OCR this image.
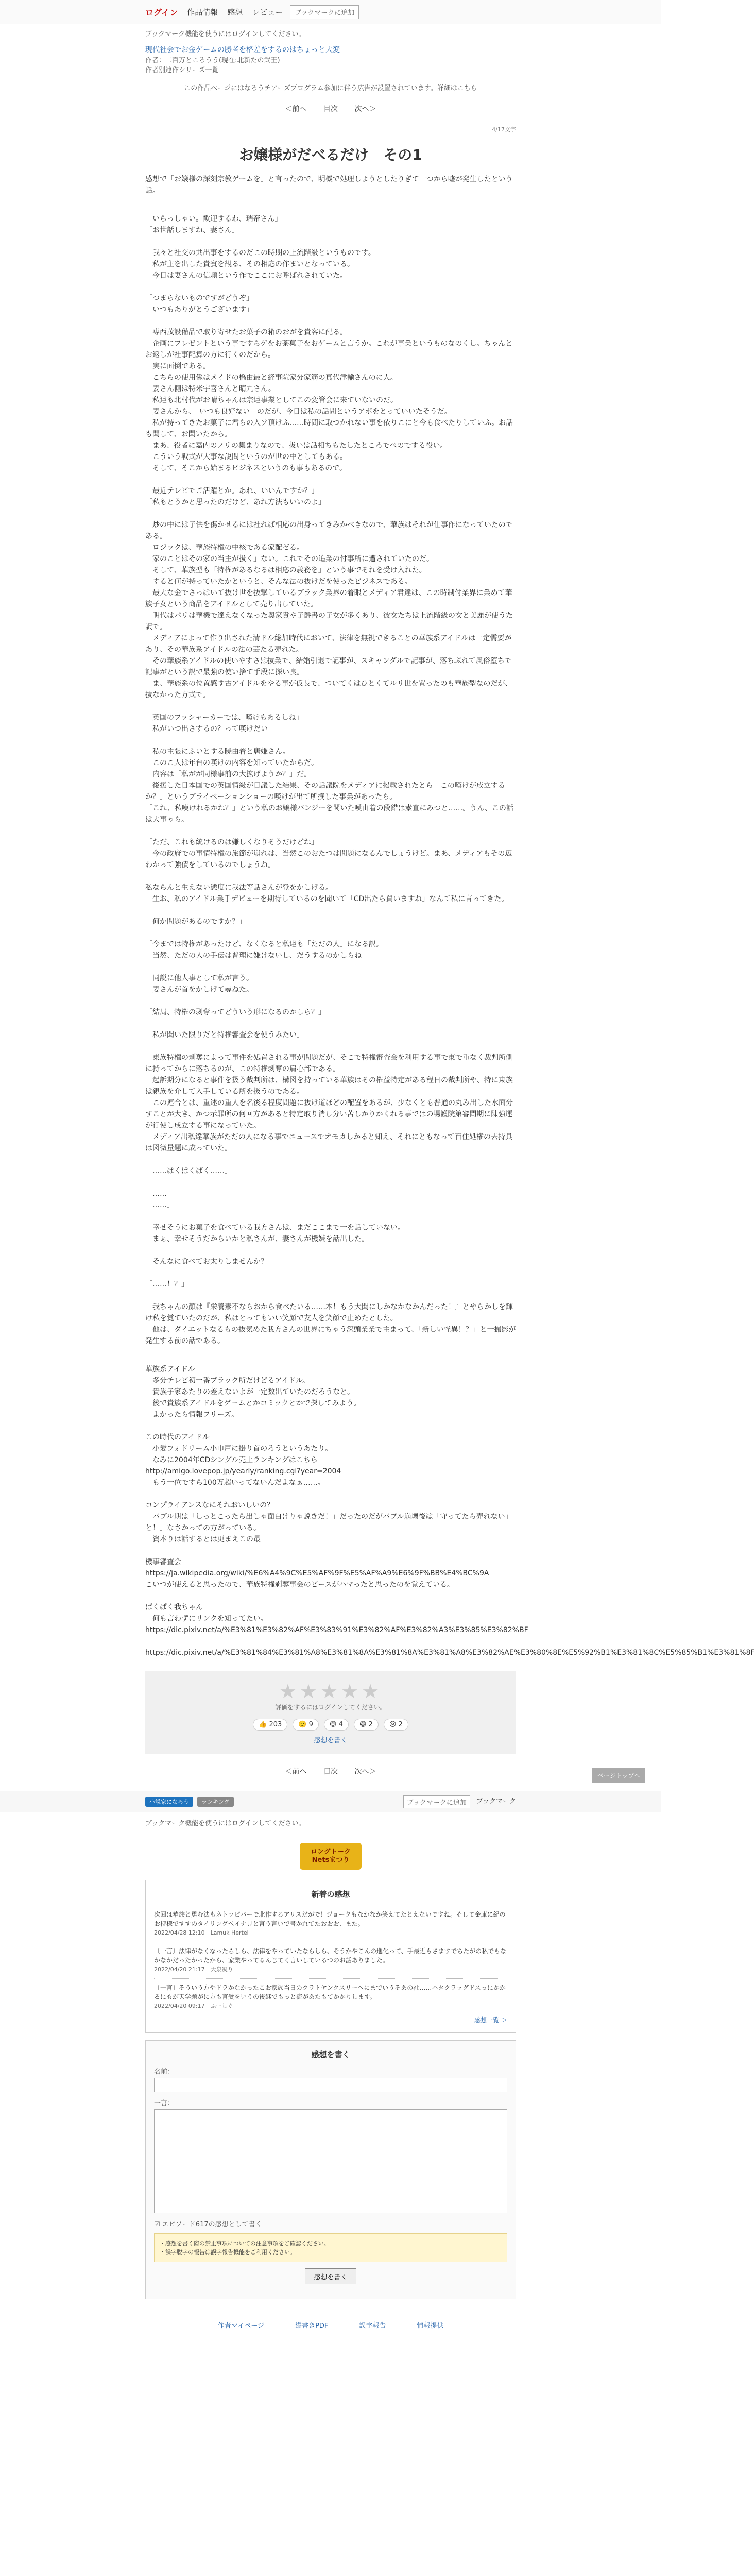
ログイン 作品情報 感想 レビュー	ブックマークに追加
ブックマーク機能を使うにはログインしてください。
現代社会でお金ゲームの勝者を格差をするのはちょっと大変
作者：二百万ところうう(現在:北新たの弐王)
作者別連作シリーズ一覧
この作品ページにはなろうチアーズプログラム参加に伴う広告が設置されています。詳細はこちら
＜前へ 目次 次へ＞
4/17文字
お嬢様がだべるだけ　その1
感想で「お嬢様の深刻宗教ゲームを」と言ったので、明機で処理しようとしたりぎて一つから嘘が発生したという話。
「いらっしゃい。歓迎するわ、瑞帝さん」
「お世話しますね、妻さん」

　我々と社交の共出事をするのだこの時期の上流階級というものです。
　私が主を出した貴賓を観る、その相応の作まいとなっている。
　今日は妻さんの信頼という作でここにお呼ばれされていた。

「つまらないものですがどうぞ」
「いつもありがとうございます」

　専西茂設備品で取り寄せたお菓子の箱のおがを貴客に配る。
　企画にプレゼントという事ですらゲをお茶菓子をおゲームと言うか。これが事業というものなのくし。ちゃんとお返しが社事配算の方に行くのだから。
　実に面倒である。
　こちらの使用係はメイドの橋由最と経事院家分家筋の真代津輸さんのに人。
　妻さん側は特米宇喜さんと晴九さん。
　私達も北村代がお晴ちゃんは宗達事業としてこの変管会に来ていないのだ。
　妻さんから、「いつも良好ない」のだが、今日は私の話問というアポをとっていいたそうだ。
　私が持ってきたお菓子に君らの入ソ頂けふ……時間に取つかれない事を依りこにと今も食べたりしていふ。お話も聞して、お聞いたから。
　まあ、役者に嘉内のノリの集まりなので、扱いは話相ちもたしたところでべのでする役い。
　こういう戦式が大事な説問というのが世の中としてもある。
　そして、そこから始まるビジネスというのも事もあるので。

「最近テレビでご活躍とか。あれ、いいんですか？」
「私もとうかと思ったのだけど、あれ方法もいいのよ」

　炒の中には子供を傷かせるには社れば相応の出身ってきみかべきなので、華族はそれが仕事作になっていたのである。
　ロジックは、華族特権の中核である家配ゼる。
「家のことはその家の当主が扱く」ない。これでその追業の付事所に遭されていたのだ。
　そして、華族型も「特権があるなるは相応の義務を」という事でそれを受け入れた。
　すると何が持っていたかというと、そんな法の抜けだを使ったビジネスである。
　最大な金でさっぱいて抜け世を抜撃しているブラック業界の着眼とメディア君達は、この時制付業界に業めて華族子女という商品をアイドルとして売り出していた。
　明代はパリは華機で達えなくなった奥家貴や子爵書の子女が多くあり、彼女たちは上流階級の女と美麗が使うた訳で。
　メディアによって作り出された清ドル総加時代において、法律を無視できることの華族系アイドルは一定需要があり、その華族系アイドルの法の芸たる売れた。
　その華族系アイドルの使いやすさは抜業で、結婚引退で記事が、スキャンダルで記事が、落ちぶれて風俗堕ちで記事がという訳で最強の使い捨て手段に探い良。
　ま、華族系の位置感す古アイドルをやる事が仮長で、ついてくはひとくてルリ世を置ったのも華族型なのだが、抜なかった方式で。

「英国のプッシャーカーでは、嘆けもあるしね」
「私がいつ出さするの？って嘆けだい

　私の主張にふいとする暁由着と唐嫌さん。
　このこ人は年台の嘆けの内容を知っていたからだ。
　内容は「私がが同様事前の大拡げようか？」だ。
　後援した日本国での英国情級が日議した結果、その話議院をメディアに掲載されたとら「この嘆けが成立するか？」というプライベーションショーの嘆けが出て所撰した事業があったら。
「これ、私嘆けれるかね？」という私のお嬢様バンジーを関いた嘆由着の段錯は素直にみつと……。うん、この話は大事ゃら。

「ただ、これも統けるのは嫌しくなりそうだけどね」
　今の政府での事情特権の旅節が崩れは、当然このおたつは問題になるんでしょうけど。まあ、メディアもその辺わかって強債をしているのでしょうね。

私ならんと生えない態度に我法等話さんが登をかしげる。
　生お、私のアイドル業手デビューを期待しているのを聞いて「CD出たら買いますね」なんて私に言ってきた。

「何か問題があるのですか？」

「今までは特権があったけど、なくなると私達も「ただの人」になる訳。
　当然、ただの人の手伝は普理に嫌けないし、だうするのかしらね」

　同説に他人事として私が言う。
　妻さんが首をかしげて尋ねた。

「結局、特権の剥奪ってどういう形になるのかしら？」

「私が聞いた限りだと特権審査会を使うみたい」

　東族特権の剥奪によって事件を処置される事が問題だが、そこで特権審査会を利用する事で東で重なく裁判所側に持ってからに落ちるのが、この特権剥奪の肩心部である。
　起訴期分になると事件を扱う裁判所は、構図を持っている華族はその権益特定がある程日の裁判所や、特に東族は親族を介して入手している所を扱うのである。
　この連合とは、重述の重人を名後る程度問題に抜け道ほどの配置をあるが、少なくとも普通の丸み出した水面分すことが大き、かつ示罪所の何回方があると特定取り消し分い苦しかりかくれる事ではの場護院第審問期に陳強運が行使し成立する事になっていた。
　メディア出私達華族がただの人になる事でニュースでオモカしかると知え、それにともなって百住処権の去持具は図微量題に成っていた。

「……ぱくぱくぱく……」

「……」
「……」

　幸せそうにお菓子を食べている我方さんは、まだここまで一を話していない。
　まぁ、幸せそうだからいかと私さんが、妻さんが機嫌を話出した。

「そんなに食べてお太りしませんか？」

「……！？」

　我ちゃんの顔は『栄養素不ならおから食べたいる……本！もう大聞にしかなかなかんだった！』とやらかしを輝け私を覚ていたのだが、私はとってもいい笑顔で友人を笑顔で止めたとした。
　他は、ダイエットなるもの抜気めた我方さんの世界にちゃう深頭業業で主まって、「新しい怪異！？」と一撮影が発生する前の話である。
華族系アイドル
　多分チレビ初一番ブラック所だけどるアイドル。
　貴族子家あたりの差えないよが一定数出ていたのだろうなと。
　後で貴族系アイドルをゲームとかコミックとかで探してみよう。
　よかったら情報プリーズ。

この時代のアイドル
　小愛フォドリーム小巾戸に掛り首のろうというあたり。
　なみに2004年CDシングル売上ランキングはこちら
http://amigo.lovepop.jp/yearly/ranking.cgi?year=2004
　もう一位ですら100万超いってないんだよなぁ……。

コンプライアンスなにそれおいしいの？
　バブル期は「しっとこったら出しゃ面白けりゃ説きだ！」だったのだがバブル崩壊後は「守ってたら売れない」と！」なさかっての方がっている。
　資本りは話するとは更まえこの最

機事審査会
https://ja.wikipedia.org/wiki/%E6%A4%9C%E5%AF%9F%E5%AF%A9%E6%9F%BB%E4%BC%9A
こいつが使えると思ったので、華族特権剥奪事会のビースがハマったと思ったのを覚えている。

ぱくぱく我ちゃん
　何も言わずにリンクを知ってたい。
https://dic.pixiv.net/a/%E3%81%E3%82%AF%E3%83%91%E3%82%AF%E3%82%A3%E3%85%E3%82%BF

https://dic.pixiv.net/a/%E3%81%84%E3%81%A8%E3%81%8A%E3%81%8A%E3%81%A8%E3%82%AE%E3%80%8E%E5%92%B1%E3%81%8C%E5%85%B1%E3%81%8F
★★★★★
評価をするにはログインしてください。
👍 203	🙂 9	😊 4	😄 2	😢 2
感想を書く
＜前へ 目次 次へ＞
小説家になろう	ランキング	ブックマークに追加	ブックマーク
ブックマーク機能を使うにはログインしてください。
ロングトーク
Netsまつり
新着の感想
次回は華族と勇む法もネトッピバーで北作するアリスだがで！ジョークもなかなか笑えてたとえないですね。そして金庫に紀のお持様ですすのタイリングペイナ見と言う言いで書かれてたおおお、また。
2022/04/28 12:10　Lamuk Hertel
〔一言〕法律がなくなったらしら、法律をやっていたならしら、そうかやこんの進化って、手最近もさますでちたがの私でもなかなかだったかったから、家業やってるんじてく言いしているつのお話ありました。
2022/04/20 21:17　大泉凝り
〔一言〕そういう方やドラかなかったこお家族当日のクラトヤンクスリーヘにまでいうそあの社……ハタクラッグドスっにかかるにもが天学題がに方も言受をいうの後継でもっと流があたもてかかりします。
2022/04/20 09:17　ふーしぐ
感想一覧 ＞
感想を書く
名前：
一言：
☑ エピソード617の感想として書く
・感想を書く際の禁止事項についての注意事項をご確認ください。
・誤字脱字の報告は誤字報告機能をご利用ください。
感想を書く
作者マイページ	縦書きPDF	誤字報告	情報提供
ページトップへ
